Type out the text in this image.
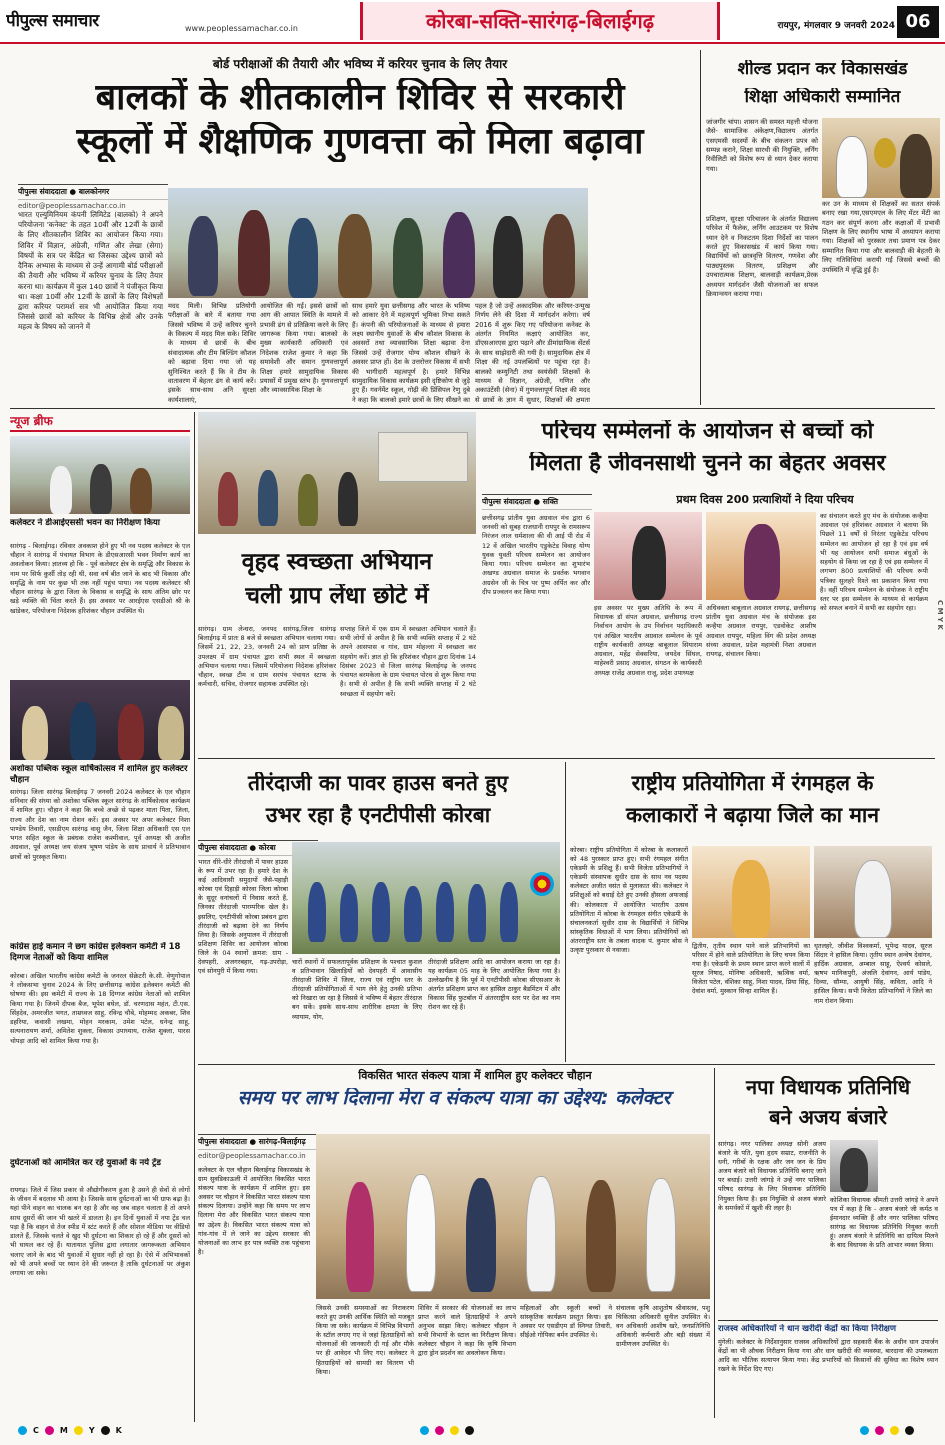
पीपुल्स समाचार	www.peoplessamachar.co.in	कोरबा-सक्ति-सारंगढ़-बिलाईगढ़	रायपुर, मंगलवार 9 जनवरी 2024 06
बोर्ड परीक्षाओं की तैयारी और भविष्य में करियर चुनाव के लिए तैयार
बालकों के शीतकालीन शिविर से सरकारी
स्कूलों में शैक्षणिक गुणवत्ता को मिला बढ़ावा
पीपुल्स संवाददाता ● बालकोनगर
editor@peoplessamachar.co.in
भारत एल्युमिनियम कंपनी लिमिटेड (बालको) ने अपने परियोजना 'कनेक्ट' के तहत 10वीं और 12वीं के छात्रों के लिए शीतकालीन शिविर का आयोजन किया गया। शिविर में विज्ञान, अंग्रेजी, गणित और लेखा (सेगा) विषयों के सत्र पर केंद्रित था जिसका उद्देश्य छात्रों को दैनिक अभ्यास के माध्यम से उन्हें आगामी बोर्ड परीक्षाओं की तैयारी और भविष्य में करियर चुनाव के लिए तैयार करना था। कार्यक्रम में कुल 140 छात्रों ने पंजीकृत किया था। कक्षा 10वीं और 12वीं के छात्रों के लिए विशेषज्ञों द्वारा करियर परामर्श सत्र भी आयोजित किया गया जिससे छात्रों को करियर के विभिन्न क्षेत्रों और उनके महत्व के विषय को जानने में
मदद मिली। विभिन्न प्रतियोगी परीक्षाओं के बारे में बताया गया जिससे भविष्य में उन्हें करियर चुनने के विकल्प में मदद मिल सके। शिविर के माध्यम से छात्रों के बीच संवादात्मक और टीम बिल्डिंग कौशल को बढ़ावा दिया गया जो यह सुनिश्चित करते हैं कि वे टीम के वातावरण में बेहतर ढंग से कार्य करें। इसके साथ-साथ अनि सुरक्षा कार्यशालाएं,
आयोजित की गईं। इससे छात्रों को आग की आपात स्थिति के मामले में प्रभावी ढंग से प्रतिक्रिया करने के लिए जागरूक किया गया। बालको के मुख्य कार्यकारी अधिकारी एवं निदेशक राजेश कुमार ने कहा कि समावेशी और समान गुणवत्तापूर्ण शिक्षा हमारे सामुदायिक विकास प्रयासों में प्रमुख स्तंभ है। गुणवत्तापूर्ण और व्यावसायिक शिक्षा के
साथ हमारे युवा छत्तीसगढ़ और भारत के भविष्य को आकार देने में महत्वपूर्ण भूमिका निभा सकते हैं। कंपनी की परियोजनाओं के माध्यम से हमारा लक्ष्य स्थानीय युवाओं के बीच कौशल विकास के अवसरों तथा व्यावसायिक शिक्षा बढ़ावा देना जिससे उन्हें रोजगार योग्य कौशल सीखने के अवसर प्राप्त हों। देश के उत्तरोत्तर विकास में सभी की भागीदारी महत्वपूर्ण है। हमारे विभिन्न सामुदायिक विकास कार्यक्रम इसी दृष्टिकोण से जुड़े हुए हैं। गवर्नमेंट स्कूल, गोढ़ी की प्रिंसिपल रेणु दुबे ने कहा कि बालको इमारे छात्रों के लिए सीखने का
पहल है जो उन्हें अकादमिक और करियर-उन्मुख निर्णय लेने की दिशा में मार्गदर्शन करेगा। वर्ष 2016 में शुरू किए गए परियोजना कनेक्ट के अंतर्गत नियमित कक्षाएं आयोजित कर, डॉएसआरएस द्वारा पढ़ाने और डीमांग्राफिक सेंटर्स के साथ साझेदारी की गयी है। सामुदायिक क्षेत्र में शिक्षा की नई उपलब्धियों पर पहुंचा रहा है। बालको कम्युनिटी तथा स्वयंसेवी शिक्षकों के माध्यम से विज्ञान, अंग्रेजी, गणित और अकाउंटेंसी (सेना) में गुणवत्तापूर्ण शिक्षा की मदद से छात्रों के ज्ञान में सुधार, शिक्षकों की क्षमता
शील्ड प्रदान कर विकासखंड
शिक्षा अधिकारी सम्मानित
जांजगीर चांपा। शासन की समस्त महत्ती योजना जैसे- सामाजिक अंकेक्षण,विद्यालय अंतर्गत एसएमसी सदस्यों के बीच संकलन प्रपत्र को सम्पन्न कराने, शिक्षा सारथी की नियुक्ति, लर्निंग रिवीलिटी को विशेष रूप से ध्यान देकर कराया गया।
प्रशिक्षण, सुरक्षा परिचालन के अंतर्गत विद्यालय परिवेश में फैलेक, लर्निंग आउटकम पर विशेष ध्यान देने व निकटतम दिशा निर्देशों का पालन करते हुए विकासखंड में कार्य किया गया। विद्यार्थियों को छात्रवृत्ति वितरण, गणवेश और पाठ्यपुस्तक वितरण, प्रशिक्षण और उपचारात्मक शिक्षण, बालवाड़ी कार्यक्रम,प्रेरक अध्ययन मार्गदर्शन जैसी योजनाओं का सफल क्रियान्वयन कराया गया।
कर उन के माध्यम से शिक्षकों का सतत संपर्क बनाए रखा गया,एसएमएल के लिए मेंटर मेंटी का गठन कर संपूर्ण करना और कक्षाओं में प्रभावी शिक्षण के लिए स्थानीय भाषा में अध्यापन कराया गया। शिक्षकों को पुरस्कार तथा प्रमाण पत्र देकर सम्मानित किया गया और बालवाड़ी की बेहतरी के लिए गतिविधियां करायी गईं जिससे बच्चों की उपस्थिति में वृद्धि हुई है।
न्यूज ब्रीफ
कलेक्टर ने डीआईएससी भवन का निरीक्षण किया
सारंगढ़ - बिलाईगढ़। रविवार अवकाश होने हुए भी नव पदस्थ कलेक्टर के एल चौहान ने सारंगढ़ में पंचायत विभाग के डीएसआरसी भवन निर्माण कार्य का अवलोकन किया। ज्ञातव्य हो कि - पूर्व कलेक्टर क्षेत्र के समृद्धि और विकास के नाम पर सिर्फ कुर्सी तोड़ रही थी, सवा वर्ष बीत जाने के बाद भी विकास और समृद्धि के नाम पर कुछ भी तक नहीं पहुंच पाया। नव पदस्थ कलेक्टर श्री चौहान सारंगढ़ के द्वारा जिला के विकास व समृद्धि के साथ अंतिम छोर पर खड़े व्यक्ति की चिंता करते हैं। इस अवसर पर आरईएस एसडीओ श्री के खांडेकर, परियोजना निदेशक हरिशंकर चौहान उपस्थित थे।
अशोका पब्लिक स्कूल वार्षिकोत्सव में शामिल हुए कलेक्टर चौहान
सारंगढ़। जिला सारंगढ़ बिलाईगढ़ 7 जनवरी 2024 कलेक्टर के एल चौहान सनिवार की संध्या को अशोका पब्लिक स्कूल सारंगढ़ के वार्षिकोत्सव कार्यक्रम में शामिल हुए। चौहान ने कहा कि बच्चे अच्छे से पढ़कर माता पिता, जिला, राज्य और देश का नाम रोशन करें। इस अवसर पर अपर कलेक्टर निशा पाण्डेय तिवारी, एसडीएम सारंगढ़ वासु जैन, जिला शिक्षा अधिकारी एस एल भगत सहित स्कूल के प्रबंधक राजेश कश्मीवाल, पूर्व अध्यक्ष श्री अजीत अग्रवाल, पूर्व अध्यक्ष जय संजय भूषण पांडेय के साथ प्राचार्य ने प्रतिभावान छात्रों को पुरस्कृत किया।
कांग्रेस हाई कमान ने छग कांग्रेस इलेक्शन कमेटी में 18 दिग्गज नेताओं को किया शामिल
कोरबा। अखिल भारतीय कांग्रेस कमेटी के जनरल सेक्रेटरी के.सी. वेणुगोपाल ने लोकसभा चुनाव 2024 के लिए छत्तीसगढ़ कांग्रेस इलेक्शन कमेटी की घोषणा की। इस कमेटी में राज्य के 18 दिग्गज कांग्रेस नेताओं को शामिल किया गया है। जिनमें दीपक बैज, भूपेश बघेल, डॉ. चरणदास महंत, टी.एस. सिंहदेव, अमरजीत भगत, ताम्रध्वज साहू, रविन्द्र चौबे, मोहम्मद अकबर, शिव डहरिया, कवासी लखमा, मोहन मरकाम, उमेश पटेल, धनेन्द्र साहू, सत्यनारायण शर्मा, अमितेश शुक्ला, विकास उपाध्याय, राजेश शुक्ला, पारस चोपड़ा आदि को शामिल किया गया है।
दुर्घटनाओं को आमंत्रित कर रहे युवाओं के नये ट्रेंड
रायगढ़। जिले में जिस प्रकार से औद्योगीकरण हुआ है उसने ही सेवों से लोगों के जीवन में बदलाव भी आया है। जिसके साथ दुर्घटनाओं का भी ग्राफ बढ़ा है। यहां पीने वाहन का चालक बन रहा है और वह जब वाहन चलाता है तो अपने साथ दूसरों की जान भी खतरे में डालता है। इन दिनों युवाओं में नया ट्रेंड चल पड़ा है कि वाहन से तेज स्पीड में स्टंट करते हैं और सोशल मीडिया पर वीडियो डालते हैं, जिसके चलते वे खुद भी दुर्घटना का शिकार हो रहे हैं और दूसरों को भी घायल कर रहे हैं। यातायात पुलिस द्वारा लगातार जागरूकता अभियान चलाए जाने के बाद भी युवाओं में सुधार नहीं हो रहा है। ऐसे में अभिभावकों को भी अपने बच्चों पर ध्यान देने की जरूरत है ताकि दुर्घटनाओं पर अंकुश लगाया जा सके।
वृहद स्वच्छता अभियान
चली ग्राप लेंधा छोटे में
सारंगढ़। ग्राम लेन्धरा, जनपद सारंगढ़,जिला सारंगढ़ बिलाईगढ़ में प्रातः 8 बजे से स्वच्छता अभियान चलाया गया। जिसमें 21, 22, 23, जनवरी 24 को प्राण प्रतिष्ठा के उपलक्ष्य में ग्राम पंचायत द्वारा सभी स्थल में स्वच्छता अभियान चलाया गया। जिसमें परियोजना निदेशक हरिशंकर चौहान, स्वच्छ टीम व ग्राम सरपंच पंचायत स्टाफ के कर्मचारी, सचिव, रोजगार सहायक उपस्थित रहे।
सप्ताह जिले में एक ग्राम में स्वच्छता अभियान चलाते हैं। सभी लोगों से अपील है कि सभी व्यक्ति सप्ताह में 2 घंटे अपने आसपास व गांव, ग्राम मोहल्ला में स्वच्छता कर सहयोग करें। ज्ञात हो कि हरिशंकर चौहान द्वारा दिनांक 14 दिसंबर 2023 से जिला सारंगढ़ बिलाईगढ़ के जनपद पंचायत बरमकेला के ग्राम पंचायत पोरथ से शुरू किया गया है। सभी से अपील है कि सभी व्यक्ति सप्ताह में 2 घंटे स्वच्छता में सहयोग करें।
परिचय सम्मेलनों के आयोजन से बच्चों को
मिलता है जीवनसाथी चुनने का बेहतर अवसर
प्रथम दिवस 200 प्रत्याशियों ने दिया परिचय
पीपुल्स संवाददाता ● सक्ति
छत्तीसगढ़ प्रांतीय युवा अग्रवाल मंच द्वारा 6 जनवरी को सुबह राजधानी रायपुर के रामसरूप निरंजन लाल धर्मशाला की वी आई पी रोड में 12 वें अखिल भारतीय एडुकेटेड विवाह योग्य युवक युवती परिचय सम्मेलन का आयोजन किया गया। परिचय सम्मेलन का शुभारंभ अखण्ड अग्रवाल समाज के प्रवर्तक भगवान अग्रसेन जी के चित्र पर पुष्प अर्पित कर और दीप प्रज्वलन कर किया गया।
इस अवसर पर मुख्य अतिथि के रूप में विधायक डॉ संपत अग्रवाल, छत्तीसगढ़ राज्य निर्वाचन आयोग के उप निर्वाचन पदाधिकारी एवं अखिल भारतीय अग्रवाल सम्मेलन के पूर्व राष्ट्रीय कार्यकारी अध्यक्ष बाबूलाल सियाराम अग्रवाल, महेंद्र सेक्सरिया, जयदेव सिंघल, माहेश्वरी प्रसाद अग्रवाल, संगठन के कार्यकारी अध्यक्ष राजेंद्र अग्रवाल राजू, प्रदेश उपाध्यक्ष
अधिवक्ता बाबूलाल अग्रवाल रायगढ़, छत्तीसगढ़ प्रांतीय युवा अग्रवाल मंच के संयोजक इस कन्हैया अग्रवाल रायपुर, एडवोकेट आशीष अग्रवाल रायपुर, महिला विंग की प्रदेश अध्यक्ष संध्या अग्रवाल, प्रदेश महामंत्री निशा अग्रवाल रायगढ़, संचालन किया।
का संचालन करते हुए मंच के संयोजक कन्हैया अग्रवाल एवं हरिशंकर अग्रवाल ने बताया कि पिछले 11 वर्षों से निरंतर एडुकेटेड परिचय सम्मेलन का आयोजन हो रहा है एवं इस वर्ष भी यह आयोजन सभी समाज बंधुओं के सहयोग से किया जा रहा है एवं इस सम्मेलन में लगभग 800 प्रत्याशियों की परिचय रूपी पत्रिका सुलहरे रिश्ते का प्रकाशन किया गया है। वहीं परिचय सम्मेलन के संयोजक ने राष्ट्रीय स्तर पर इस सम्मेलन के माध्यम से कार्यक्रम को सफल बनाने में सभी का सहयोग रहा।	C M Y K
तीरंदाजी का पावर हाउस बनते हुए
उभर रहा है एनटीपीसी कोरबा
पीपुल्स संवाददाता ● कोरबा
भारत धीरे-धीरे तीरंदाजी में पावर हाउस के रूप में उभर रहा है। हमारे देश के कई आदिवासी समुदायों जैसे-पहाड़ी कोरबा एवं दिहाड़ी कोरवा जिला कोरबा के सुदूर वनांचलों में निवास करते हैं, जिनका तीरंदाजी पारम्परिक खेल है। इसलिए, एनटीपीसी कोरबा प्रबंधन द्वारा तीरंदाजी को बढ़ावा देने का निर्णय लिया है। जिसके अनुपालन में तीरंदाजी प्रशिक्षण शिविर का आयोजन कोरबा जिले के 04 स्थानों क्रमश: ग्राम - देवपहरी, अजगरबहार, गढ़-उपरोड़ा, एवं सोनपुरी में किया गया।
चारों स्थानों में सफलतापूर्वक प्रशिक्षण के पश्चात कुशल व प्रतिभावान खिलाड़ियों को देवपहरी में आवासीय तीरंदाजी शिविर में जिला, राज्य एवं राष्ट्रीय स्तर के तीरंदाजी प्रतियोगिताओं में भाग लेने हेतु उनकी प्रतिभा को निखारा जा रहा है जिससे वे भविष्य में बेहतर तीरंदाज बन सकें। इसके साथ-साथ शारीरिक क्षमता के लिए व्यायाम, योग,
तीरंदाजी प्रशिक्षण आदि का आयोजन कराया जा रहा है। यह कार्यक्रम 05 माह के लिए आयोजित किया गया है। उल्लेखनीय है कि पूर्व में एनटीपीसी कोरबा सीएसआर के अंतर्गत प्रशिक्षण प्राप्त कर हासिल ठाकुर बैडमिंटन में और विकास सिंह फुटबॉल में अंतरराष्ट्रीय स्तर पर देश का नाम रोशन कर रहे हैं।
राष्ट्रीय प्रतियोगिता में रंगमहल के
कलाकारों ने बढ़ाया जिले का मान
कोरबा। राष्ट्रीय प्रतियोगिता में कोरबा के कलाकारों को 48 पुरस्कार प्राप्त हुए। सभी रंगमहल संगीत एकेडमी के प्रशिक्षु हैं। सभी विजेता प्रतिभागियों ने एकेडमी संस्थापक सुधीर दास के साथ नव पदस्थ कलेक्टर अजीत वसंत से मुलाकात की। कलेक्टर ने प्रशिक्षुओं को बधाई देते हुए उनकी हौसला अफजाई की। कोलकाता में आयोजित भारतीय उत्सव प्रतियोगिता में कोरबा के रंगमहल संगीत एकेडमी के संचालनकर्ता सुधीर दास के विद्यार्थियों ने विभिन्न सांस्कृतिक विधाओं में भाग लिया। प्रतियोगियों को अंतरराष्ट्रीय स्तर के तबला वादक पं. कुमार बोस ने उत्कृष्ट पुरस्कार से नवाजा।
द्वितीय, तृतीय स्थान पाने वाले प्रतिभागियों का परिसर में होने वाले प्रतियोगिता के लिए चयन किया गया है। एकेडमी के प्रथम स्थान प्राप्त करने वालों में सूरज निषाद, मोनिषा अधिकारी, ऋत्विक वर्मा, विजेता पटेल, वंशिका साहू, निशा यादव, प्रिया सिंह, देवांश वर्मा, मुस्कान सिन्हा शामिल हैं।
धृतलहरे, जीवीश विश्वकर्मा, भूपेन्द्र यादव, सूरज सिंदार ने हासिल किया। तृतीय स्थान अन्वेष देवांगन, हार्दिक अग्रवाल, अम्बाल साहू, ऐश्वर्य कोसले, ऋषभ मानिकपुरी, अंजलि देवांगन, आर्य पांडेय, दिव्या, सौम्या, आयुषी सिंह, कविता, आदि ने हासिल किया। सभी विजेता प्रतिभागियों ने जिले का नाम रोशन किया।
विकसित भारत संकल्प यात्रा में शामिल हुए कलेक्टर चौहान
समय पर लाभ दिलाना मेरा व संकल्प यात्रा का उद्देश्य: कलेक्टर
पीपुल्स संवाददाता ● सारंगढ़-बिलाईगढ़
editor@peoplessamachar.co.in
कलेक्टर के एल चौहान बिलाईगढ़ विकासखंड के ग्राम सुवडिकाऊली में आयोजित विकसित भारत संकल्प यात्रा के कार्यक्रम में शामिल हुए। इस अवसर पर चौहान ने विकसित भारत संकल्प यात्रा संकल्प दिलाया। उन्होंने कहा कि समय पर लाभ दिलाना मेरा और विकसित भारत संकल्प यात्रा का उद्देश्य है। विकसित भारत संकल्प यात्रा को गांव-गांव में ले जाने का उद्देश्य सरकार की योजनाओं का लाभ हर पात्र व्यक्ति तक पहुंचाना है।
जिससे उनकी समस्याओं का निराकरण करते हुए उनकी आर्थिक स्थिति को मजबूत किया जा सके। कार्यक्रम में विभिन्न विभागों के स्टॉल लगाए गए थे जहां हितग्राहियों को योजनाओं की जानकारी दी गई और मौके पर ही आवेदन भी लिए गए। कलेक्टर ने हितग्राहियों को सामग्री का वितरण भी किया।
शिविर में सरकार की योजनाओं का लाभ प्राप्त करने वाले हितग्राहियों ने अपने अनुभव साझा किए। कलेक्टर चौहान ने सभी विभागों के स्टाल का निरीक्षण किया। कलेक्टर चौहान ने कहा कि कृषि विभाग द्वारा ड्रोन प्रदर्शन का अवलोकन किया।
महिलाओं और स्कूली बच्चों ने सांस्कृतिक कार्यक्रम प्रस्तुत किया। इस अवसर पर एसडीएम डॉ स्निग्धा तिवारी, सीईओ गोपिका बर्मन उपस्थित थे।
संचालक कृषि आशुतोष श्रीवास्तव, पशु चिकित्सा अधिकारी सुनील उपस्थित थे। वन अधिकारी आशीष खरे, जनप्रतिनिधि अधिकारी कर्मचारी और बड़ी संख्या में ग्रामीणजन उपस्थित थे।
नपा विधायक प्रतिनिधि
बने अजय बंजारे
सारंगढ़। नगर पालिका अध्यक्ष सोनी अजय बंजारे के पति, युवा हृदय सम्राट, राजनीति के धनी, गरीबों के रक्षक और जन जन के प्रिय अजय बंजारे को विधायक प्रतिनिधि बनाए जाने पर बधाई। उत्तरी जांगड़े ने उन्हें नगर पालिका परिषद सारंगढ़ के लिए विधायक प्रतिनिधि नियुक्त किया है। इस नियुक्ति से अजय बंजारे के समर्थकों में खुशी की लहर है।
कोशिका विधायक श्रीमती उत्तरी जांगड़े ने अपने पत्र में कहा है कि - अजय बंजारे जी कर्मठ व ईमानदार व्यक्ति हैं और नगर पालिका परिषद सारंगढ़ का विधायक प्रतिनिधि नियुक्त करती हूं। अजय बंजारे ने प्रतिनिधि का दायित्व मिलने के बाद विधायक के प्रति आभार व्यक्त किया।
राजस्व अधिकारियों ने धान खरीदी केंद्रों का किया निरीक्षण
मुंगेली। कलेक्टर के निर्देशानुसार राजस्व अधिकारियों द्वारा सहकारी बैंक के अधीन धान उपार्जन केंद्रों का भी औचक निरीक्षण किया गया और धान खरीदी की व्यवस्था, बारदाना की उपलब्धता आदि का भौतिक सत्यापन किया गया। केंद्र प्रभारियों को किसानों की सुविधा का विशेष ध्यान रखने के निर्देश दिए गए।
C	M	Y	K
